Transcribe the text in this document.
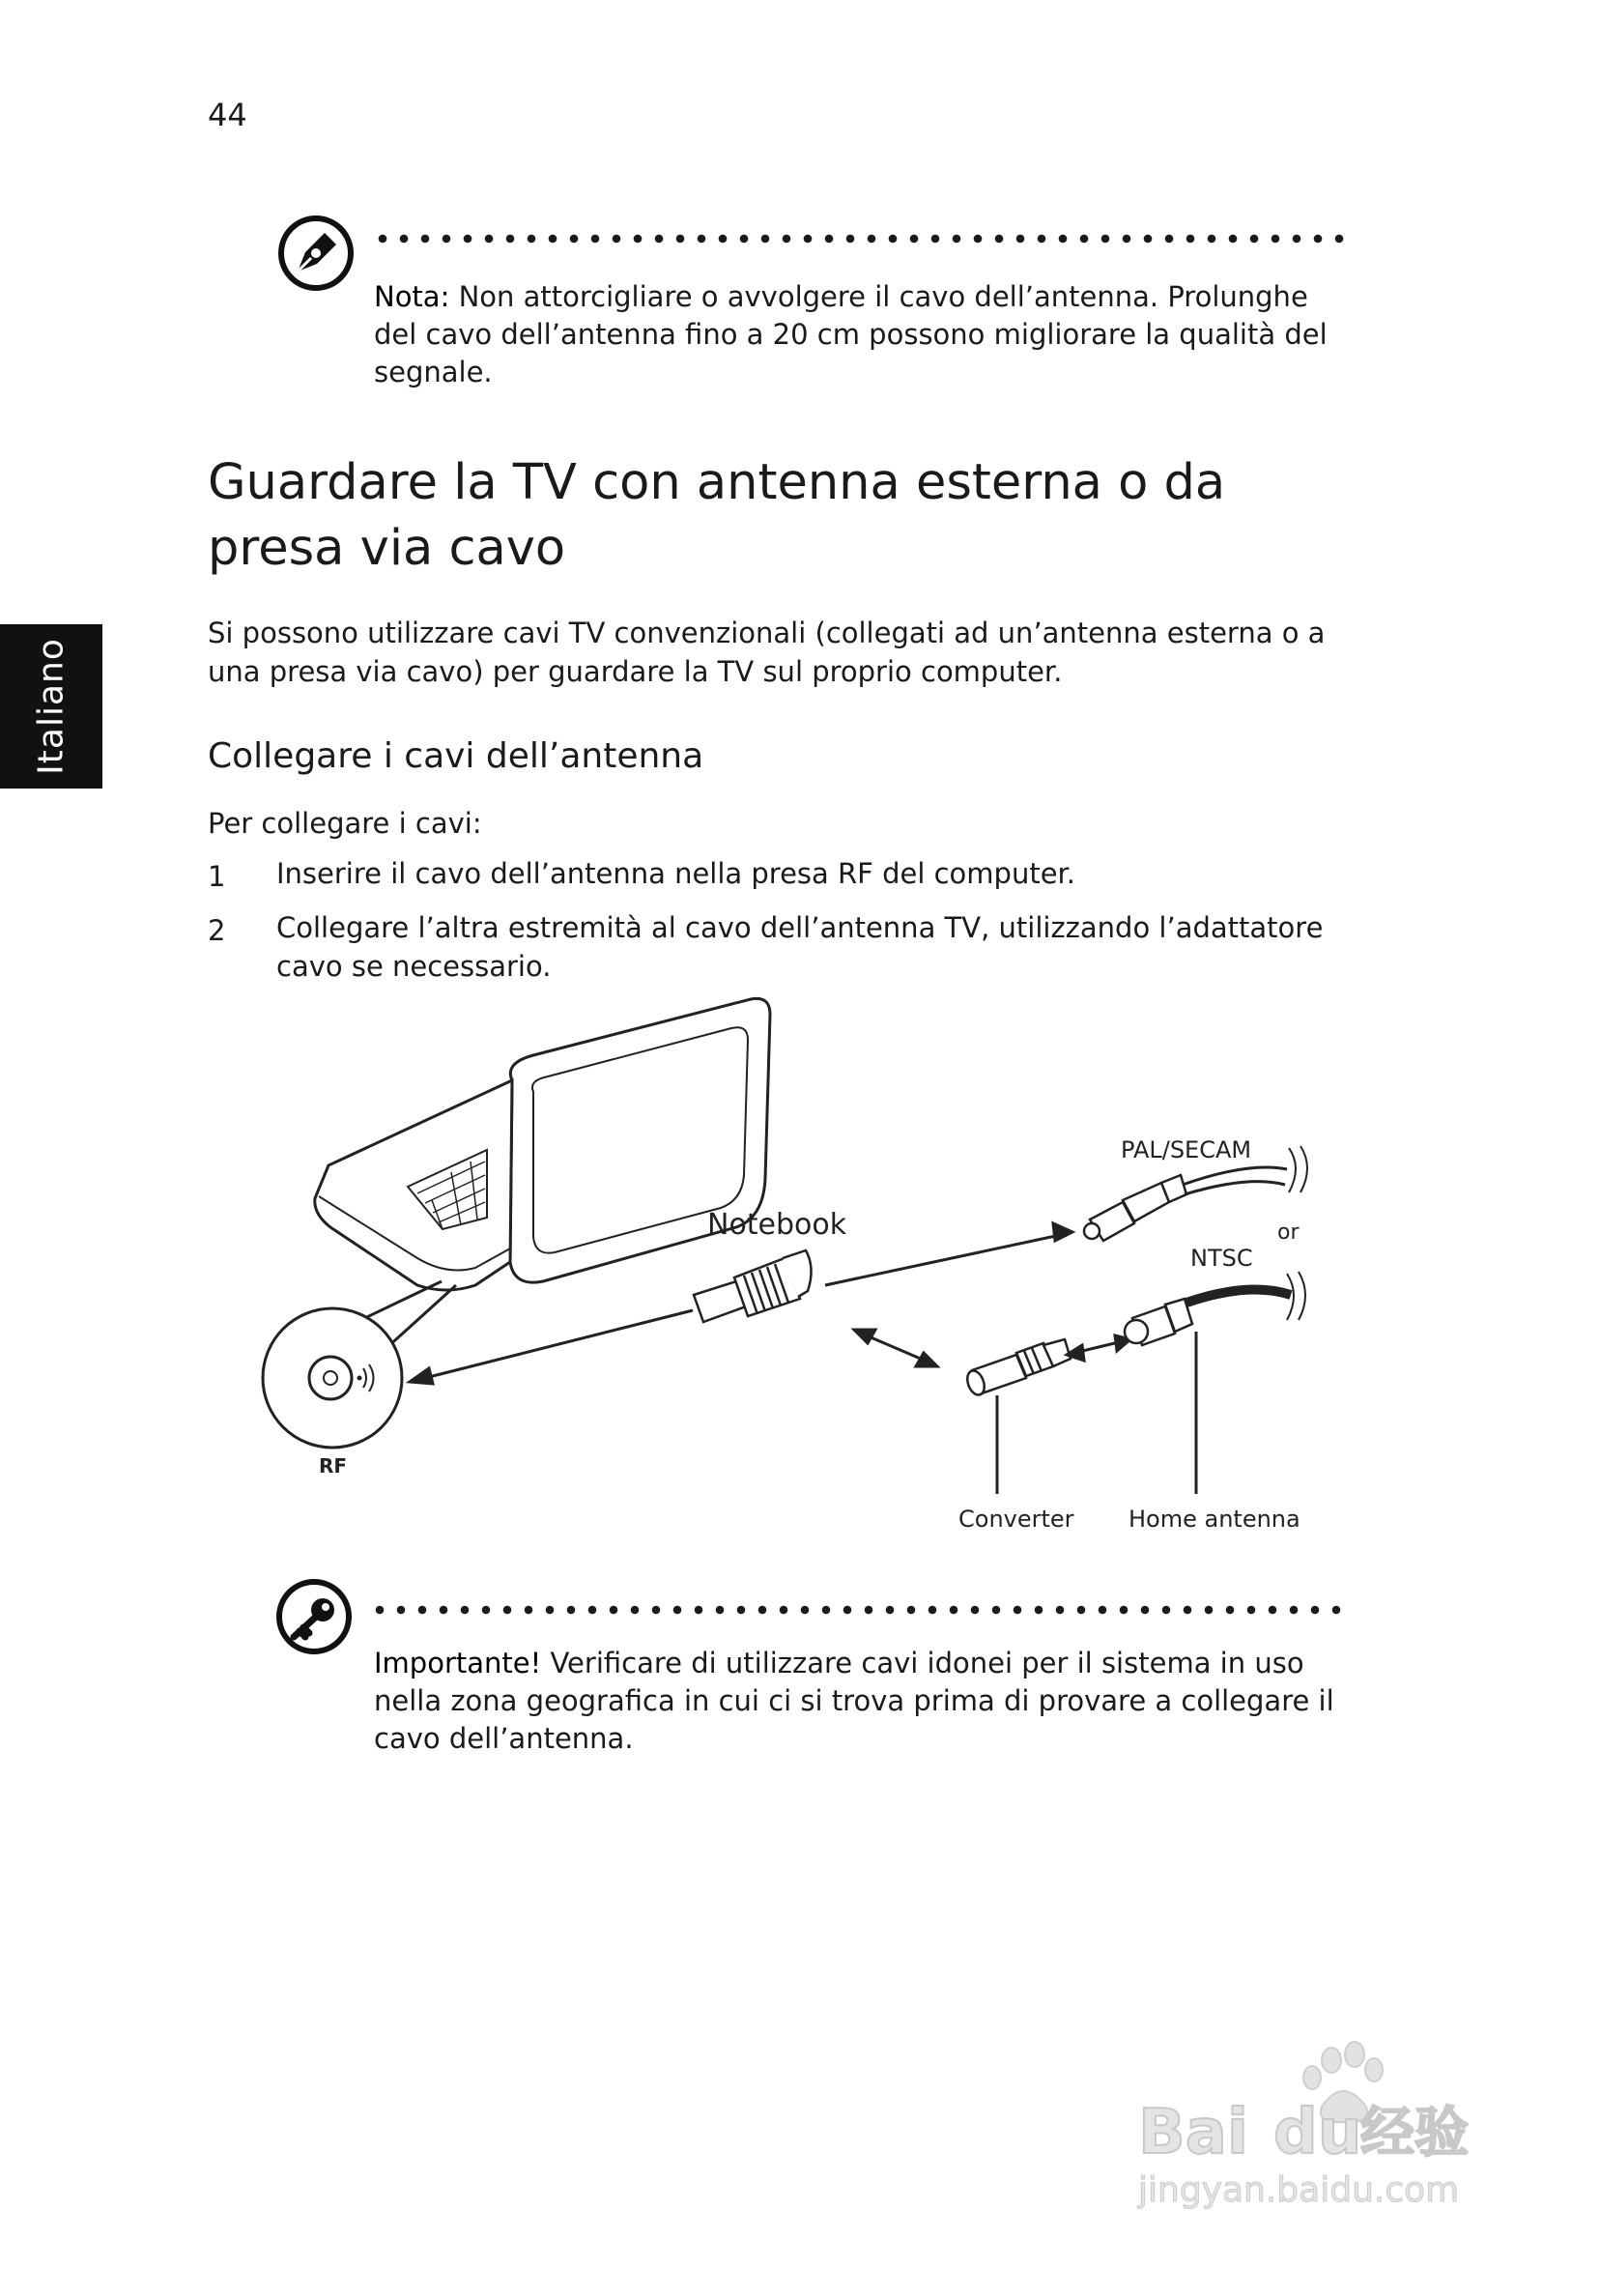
44
Italiano
Nota: Non attorcigliare o avvolgere il cavo dell’antenna. Prolunghe del cavo dell’antenna fino a 20 cm possono migliorare la qualità del segnale.
Guardare la TV con antenna esterna o da presa via cavo
Si possono utilizzare cavi TV convenzionali (collegati ad un’antenna esterna o a una presa via cavo) per guardare la TV sul proprio computer.
Collegare i cavi dell’antenna
Per collegare i cavi:
1 Inserire il cavo dell’antenna nella presa RF del computer.
2 Collegare l’altra estremità al cavo dell’antenna TV, utilizzando l’adattatore cavo se necessario.
RF
Notebook
PAL/SECAM
or
NTSC
Converter Home antenna
Importante! Verificare di utilizzare cavi idonei per il sistema in uso nella zona geografica in cui ci si trova prima di provare a collegare il cavo dell’antenna.
Bai du
经验
jingyan.baidu.com
